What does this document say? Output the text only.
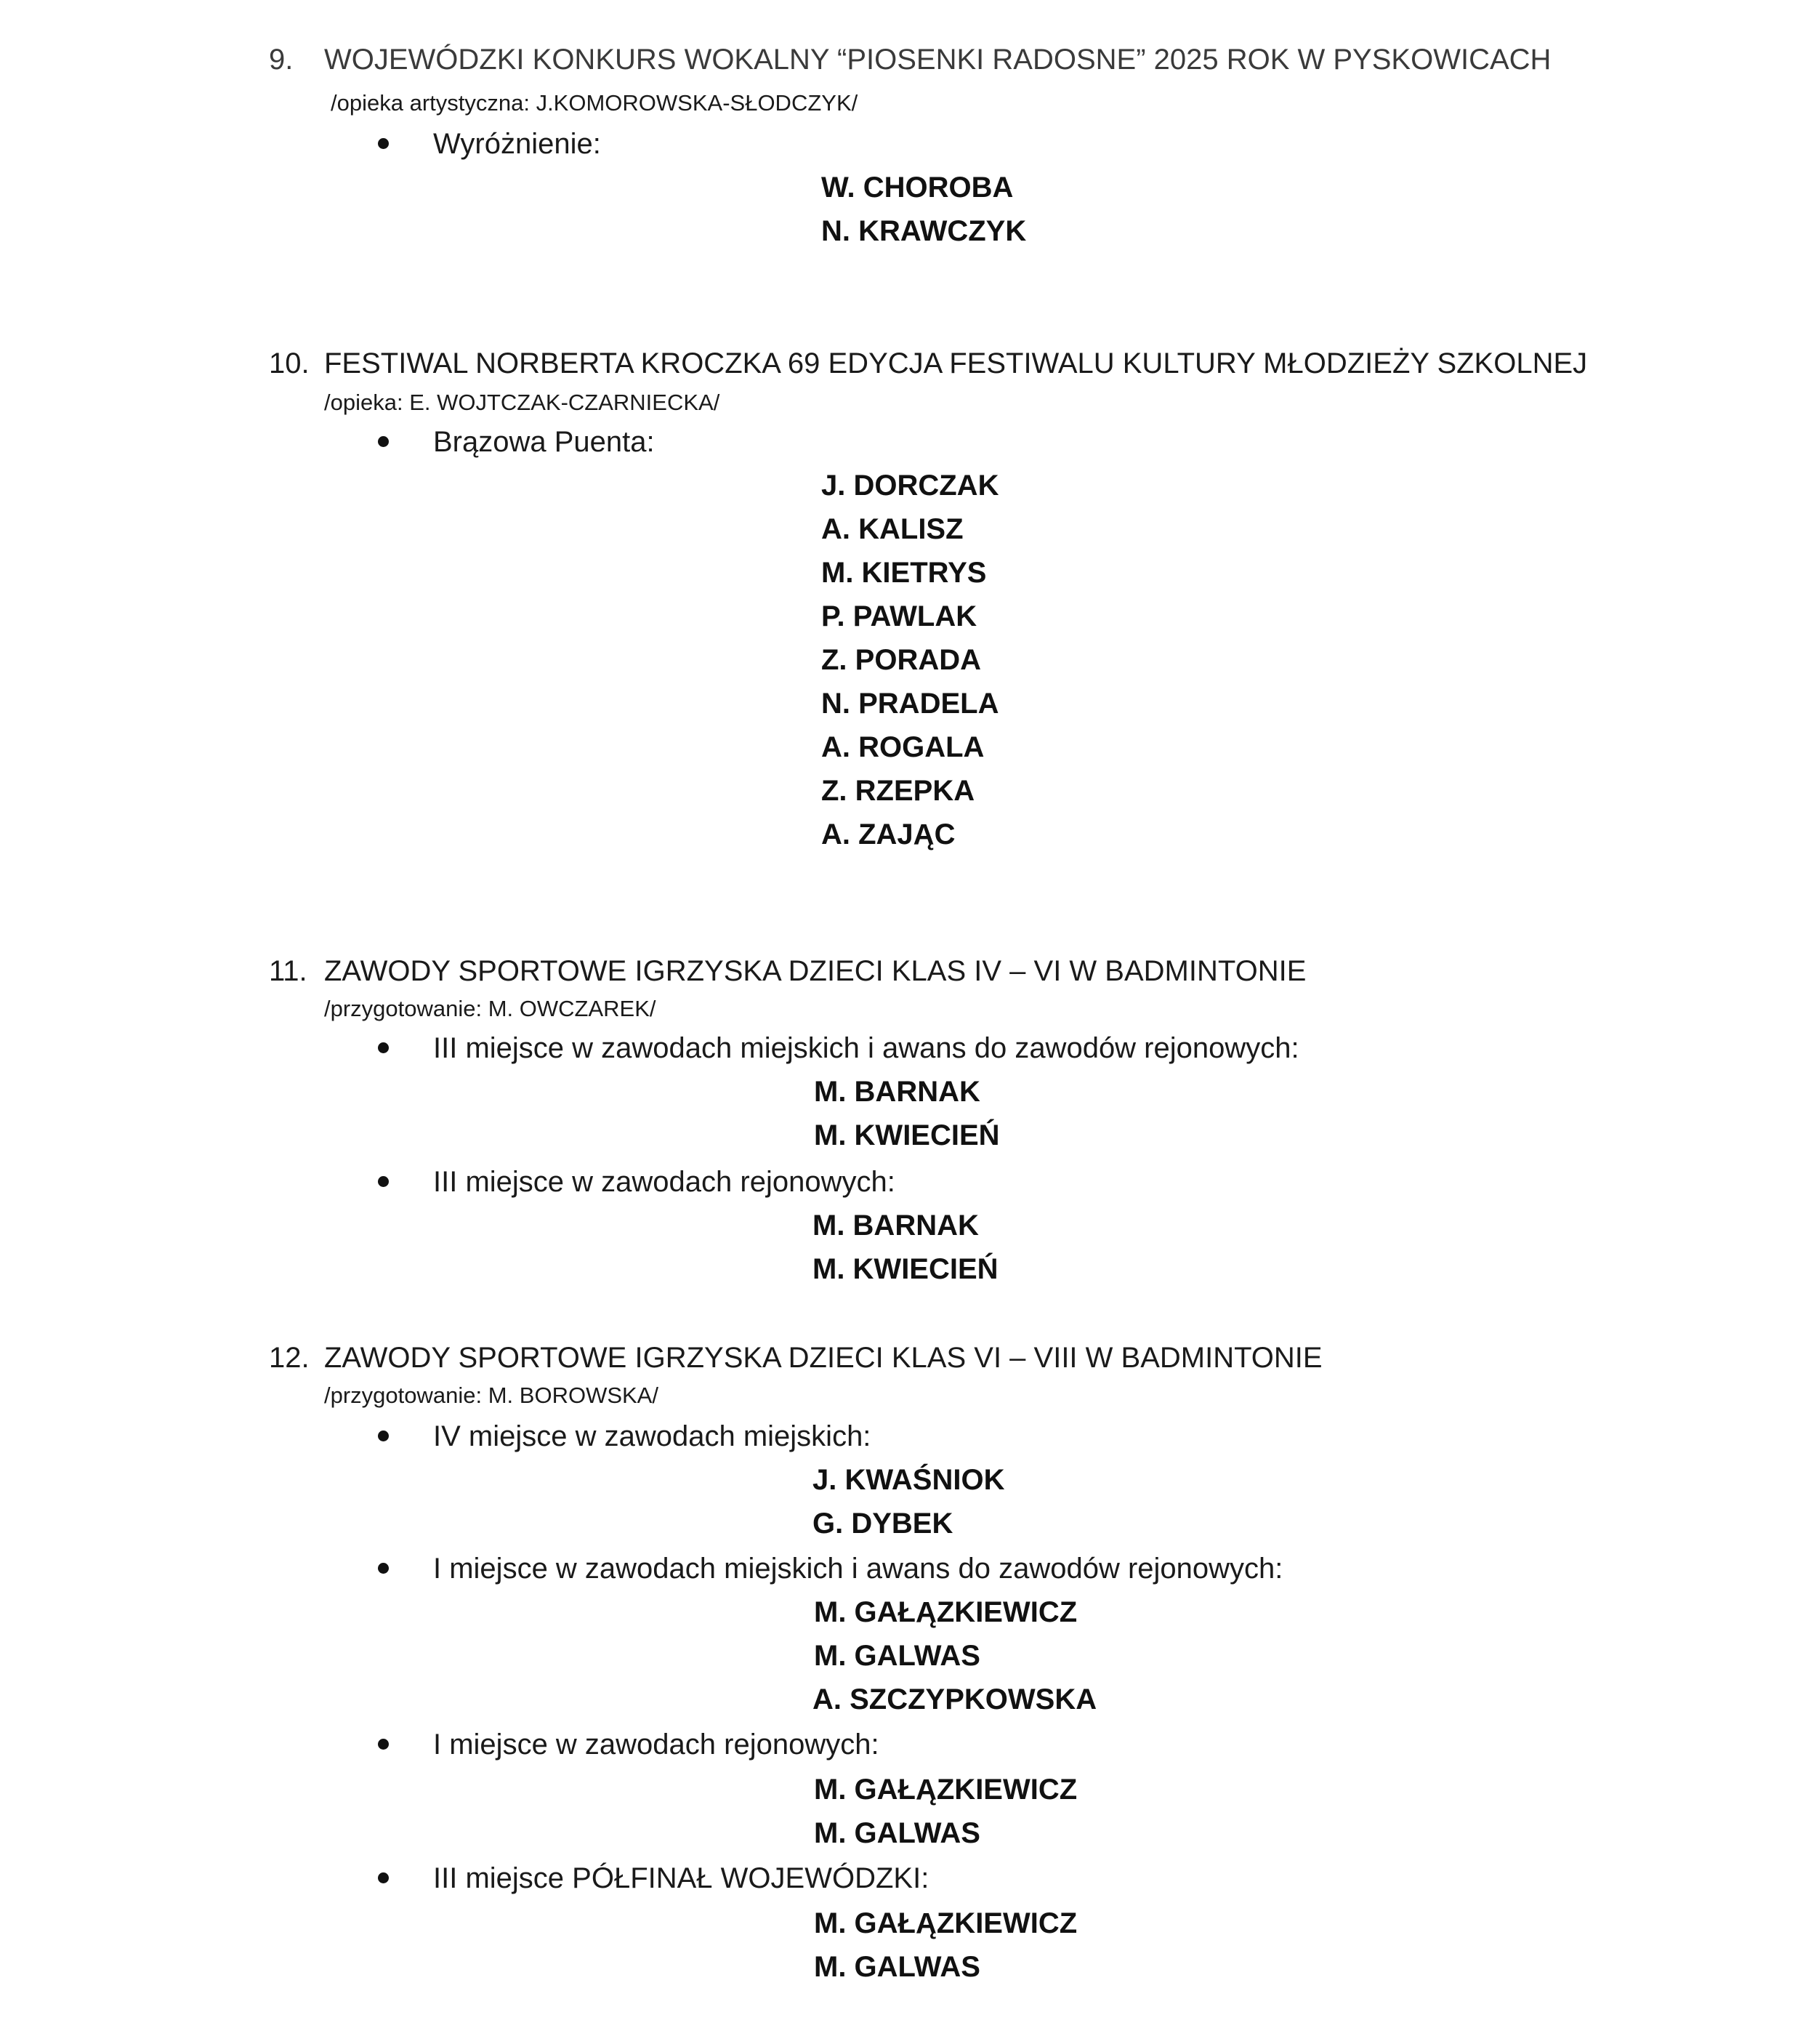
9. WOJEWÓDZKI KONKURS WOKALNY “PIOSENKI RADOSNE” 2025 ROK W PYSKOWICACH
/opieka artystyczna: J.KOMOROWSKA-SŁODCZYK/
Wyróżnienie:
W. CHOROBA
N. KRAWCZYK
10. FESTIWAL NORBERTA KROCZKA 69 EDYCJA FESTIWALU KULTURY MŁODZIEŻY SZKOLNEJ
/opieka: E. WOJTCZAK-CZARNIECKA/
Brązowa Puenta:
J. DORCZAK
A. KALISZ
M. KIETRYS
P. PAWLAK
Z. PORADA
N. PRADELA
A. ROGALA
Z. RZEPKA
A. ZAJĄC
11. ZAWODY SPORTOWE IGRZYSKA DZIECI KLAS IV – VI W BADMINTONIE
/przygotowanie: M. OWCZAREK/
III miejsce w zawodach miejskich i awans do zawodów rejonowych:
M. BARNAK
M. KWIECIEŃ
III miejsce w zawodach rejonowych:
M. BARNAK
M. KWIECIEŃ
12. ZAWODY SPORTOWE IGRZYSKA DZIECI KLAS VI – VIII W BADMINTONIE
/przygotowanie: M. BOROWSKA/
IV miejsce w zawodach miejskich:
J. KWAŚNIOK
G. DYBEK
I miejsce w zawodach miejskich i awans do zawodów rejonowych:
M. GAŁĄZKIEWICZ
M. GALWAS
A. SZCZYPKOWSKA
I miejsce w zawodach rejonowych:
M. GAŁĄZKIEWICZ
M. GALWAS
III miejsce PÓŁFINAŁ WOJEWÓDZKI:
M. GAŁĄZKIEWICZ
M. GALWAS
